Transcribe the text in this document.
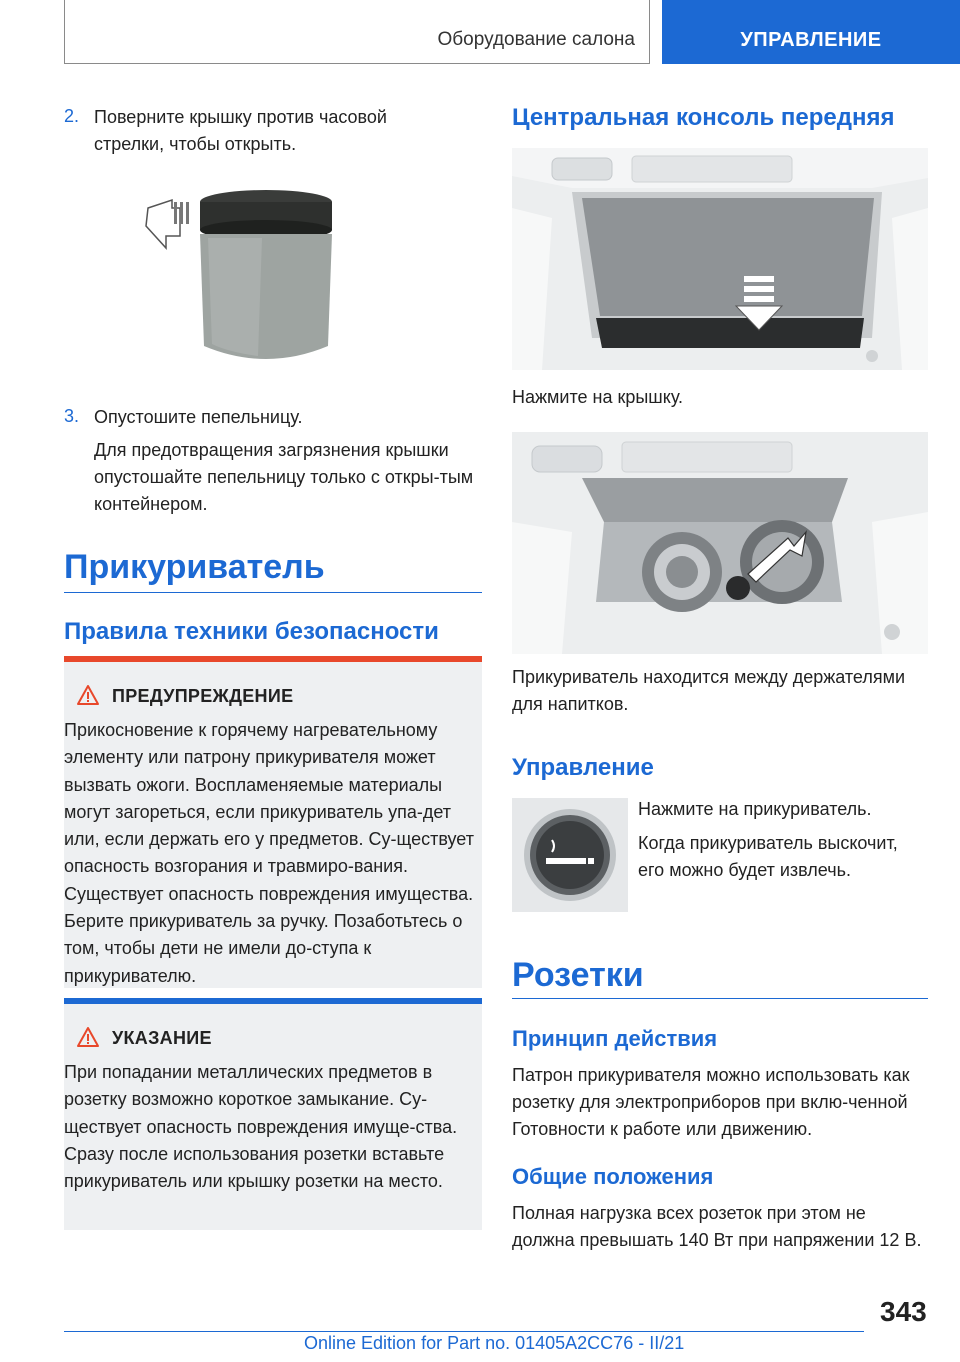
Оборудование салона	УПРАВЛЕНИЕ
2. Поверните крышку против часовой стрелки, чтобы открыть.
3. Опустошите пепельницу.
Для предотвращения загрязнения крышки опустошайте пепельницу только с откры-тым контейнером.
Прикуриватель
Правила техники безопасности
ПРЕДУПРЕЖДЕНИЕ
Прикосновение к горячему нагревательному элементу или патрону прикуривателя может вызвать ожоги. Воспламеняемые материалы могут загореться, если прикуриватель упа-дет или, если держать его у предметов. Су-ществует опасность возгорания и травмиро-вания. Существует опасность повреждения имущества. Берите прикуриватель за ручку. Позаботьтесь о том, чтобы дети не имели до-ступа к прикуривателю.
УКАЗАНИЕ
При попадании металлических предметов в розетку возможно короткое замыкание. Су-ществует опасность повреждения имуще-ства. Сразу после использования розетки вставьте прикуриватель или крышку розетки на место.
Центральная консоль передняя
Нажмите на крышку.
Прикуриватель находится между держателями для напитков.
Управление
Нажмите на прикуриватель.
Когда прикуриватель выскочит, его можно будет извлечь.
Розетки
Принцип действия
Патрон прикуривателя можно использовать как розетку для электроприборов при вклю-ченной Готовности к работе или движению.
Общие положения
Полная нагрузка всех розеток при этом не должна превышать 140 Вт при напряжении 12 В.
343
Online Edition for Part no. 01405A2CC76 - II/21
